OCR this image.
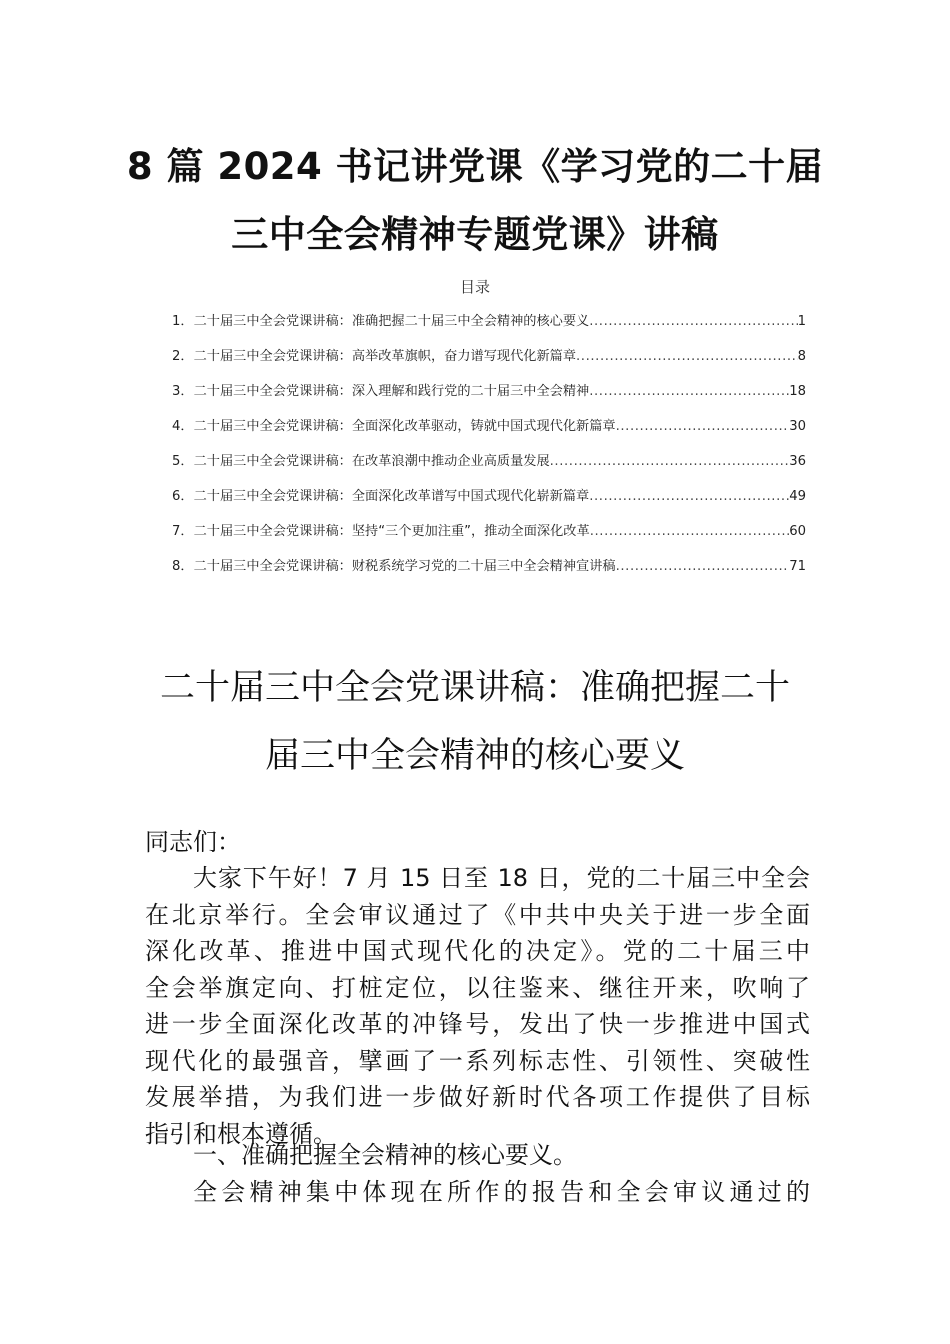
8 篇 2024 书记讲党课《学习党的二十届
三中全会精神专题党课》讲稿
目录
1．二十届三中全会党课讲稿：准确把握二十届三中全会精神的核心要义 .....	1
2．二十届三中全会党课讲稿：高举改革旗帜，奋力谱写现代化新篇章 .....	8
3．二十届三中全会党课讲稿：深入理解和践行党的二十届三中全会精神 .....	18
4．二十届三中全会党课讲稿：全面深化改革驱动，铸就中国式现代化新篇章 .....	30
5．二十届三中全会党课讲稿：在改革浪潮中推动企业高质量发展 .....	36
6．二十届三中全会党课讲稿：全面深化改革谱写中国式现代化崭新篇章 .....	49
7．二十届三中全会党课讲稿：坚持“三个更加注重”，推动全面深化改革 .....	60
8．二十届三中全会党课讲稿：财税系统学习党的二十届三中全会精神宣讲稿 .....	71
二十届三中全会党课讲稿：准确把握二十
届三中全会精神的核心要义
同志们：
大家下午好！7 月 15 日至 18 日，党的二十届三中全会
在北京举行。全会审议通过了《中共中央关于进一步全面
深化改革、推进中国式现代化的决定》。党的二十届三中
全会举旗定向、打桩定位，以往鉴来、继往开来，吹响了
进一步全面深化改革的冲锋号，发出了快一步推进中国式
现代化的最强音，擘画了一系列标志性、引领性、突破性
发展举措，为我们进一步做好新时代各项工作提供了目标
指引和根本遵循。
一、准确把握全会精神的核心要义。
全会精神集中体现在所作的报告和全会审议通过的
